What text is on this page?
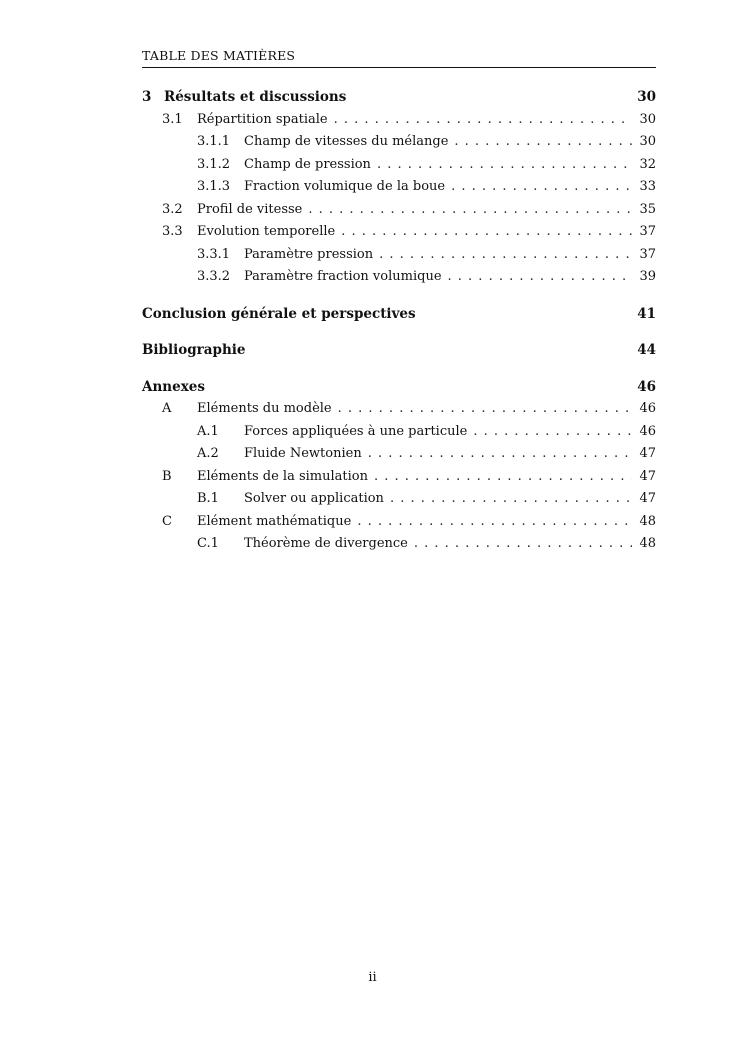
TABLE DES MATIÈRES
3 Résultats et discussions	30
3.1	Répartition spatiale . . .	30
3.1.1	Champ de vitesses du mélange . . .	30
3.1.2	Champ de pression . . .	32
3.1.3	Fraction volumique de la boue . . .	33
3.2	Profil de vitesse . . .	35
3.3	Evolution temporelle . . .	37
3.3.1	Paramètre pression . . .	37
3.3.2	Paramètre fraction volumique . . .	39
Conclusion générale et perspectives	41
Bibliographie	44
Annexes	46
A	Eléments du modèle . . .	46
A.1	Forces appliquées à une particule . . .	46
A.2	Fluide Newtonien . . .	47
B	Eléments de la simulation . . .	47
B.1	Solver ou application . . .	47
C	Elément mathématique . . .	48
C.1	Théorème de divergence . . .	48
ii
